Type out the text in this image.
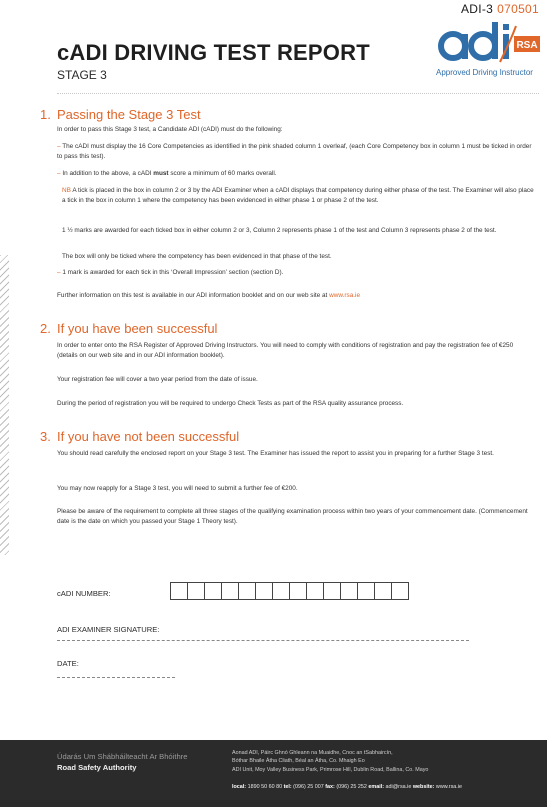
ADI-3 070501
cADI DRIVING TEST REPORT
STAGE 3
RSA
Approved Driving Instructor
1. Passing the Stage 3 Test
In order to pass this Stage 3 test, a Candidate ADI (cADI) must do the following:
– The cADI must display the 16 Core Competencies as identified in the pink shaded column 1 overleaf, (each Core Competency box in column 1 must be ticked in order to pass this test).
– In addition to the above, a cADI must score a minimum of 60 marks overall.
NB A tick is placed in the box in column 2 or 3 by the ADI Examiner when a cADI displays that competency during either phase of the test. The Examiner will also place a tick in the box in column 1 where the competency has been evidenced in either phase 1 or phase 2 of the test.
1 ½ marks are awarded for each ticked box in either column 2 or 3, Column 2 represents phase 1 of the test and Column 3 represents phase 2 of the test.
The box will only be ticked where the competency has been evidenced in that phase of the test.
– 1 mark is awarded for each tick in this ‘Overall Impression’ section (section D).
Further information on this test is available in our ADI information booklet and on our web site at www.rsa.ie
2. If you have been successful
In order to enter onto the RSA Register of Approved Driving Instructors. You will need to comply with conditions of registration and pay the registration fee of €250 (details on our web site and in our ADI information booklet).
Your registration fee will cover a two year period from the date of issue.
During the period of registration you will be required to undergo Check Tests as part of the RSA quality assurance process.
3. If you have not been successful
You should read carefully the enclosed report on your Stage 3 test. The Examiner has issued the report to assist you in preparing for a further Stage 3 test.
You may now reapply for a Stage 3 test, you will need to submit a further fee of €200.
Please be aware of the requirement to complete all three stages of the qualifying examination process within two years of your commencement date. (Commencement date is the date on which you passed your Stage 1 Theory test).
cADI NUMBER:
ADI EXAMINER SIGNATURE:
DATE:
Údarás Um Shábháilteacht Ar Bhóithre
Road Safety Authority
Aonad ADI, Páirc Ghnó Ghleann na Muaidhe, Cnoc an tSabhaircín,
Bóthar Bhaile Átha Cliath, Béal an Átha, Co. Mhaigh Eo
ADI Unit, Moy Valley Business Park, Primrose Hill, Dublin Road, Ballina, Co. Mayo
local: 1890 50 60 80 tel: (096) 25 007 fax: (096) 25 252 email: adi@rsa.ie website: www.rsa.ie
